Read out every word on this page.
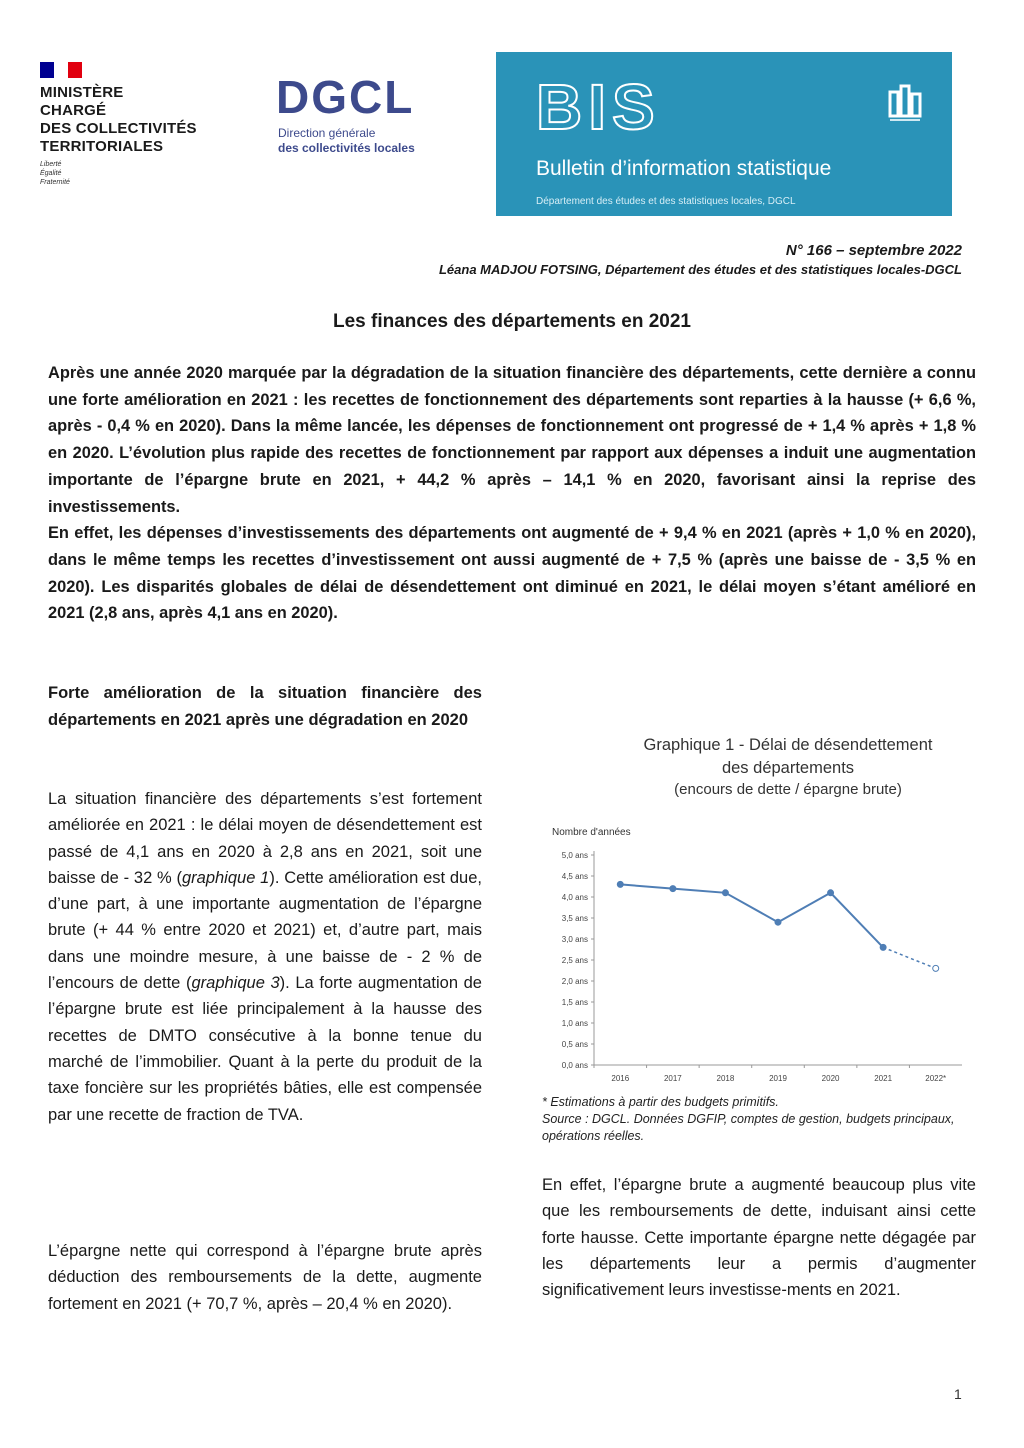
MINISTÈRE
CHARGÉ
DES COLLECTIVITÉS
TERRITORIALES
Liberté
Égalité
Fraternité
DGCL
Direction générale
des collectivités locales
BIS
Bulletin d’information statistique
Département des études et des statistiques locales, DGCL
N° 166 – septembre 2022
Léana MADJOU FOTSING, Département des études et des statistiques locales-DGCL
Les finances des départements en 2021

Après une année 2020 marquée par la dégradation de la situation financière des départements, cette dernière a connu une forte amélioration en 2021 : les recettes de fonctionnement des départements sont reparties à la hausse (+ 6,6 %, après - 0,4 % en 2020). Dans la même lancée, les dépenses de fonctionnement ont progressé de + 1,4 % après + 1,8 % en 2020. L’évolution plus rapide des recettes de fonctionnement par rapport aux dépenses a induit une augmentation importante de l’épargne brute en 2021, + 44,2 % après – 14,1 % en 2020, favorisant ainsi la reprise des investissements.

En effet, les dépenses d’investissements des départements ont augmenté de + 9,4 % en 2021 (après + 1,0 % en 2020), dans le même temps les recettes d’investissement ont aussi augmenté de + 7,5 % (après une baisse de - 3,5 % en 2020). Les disparités globales de délai de désendettement ont diminué en 2021, le délai moyen s’étant amélioré en 2021 (2,8 ans, après 4,1 ans en 2020).

Forte amélioration de la situation financière des départements en 2021 après une dégradation en 2020
La situation financière des départements s’est fortement améliorée en 2021 : le délai moyen de désendettement est passé de 4,1 ans en 2020 à 2,8 ans en 2021, soit une baisse de - 32 % (graphique 1). Cette amélioration est due, d’une part, à une importante augmentation de l’épargne brute (+ 44 % entre 2020 et 2021) et, d’autre part, mais dans une moindre mesure, à une baisse de - 2 % de l’encours de dette (graphique 3). La forte augmentation de l’épargne brute est liée principalement à la hausse des recettes de DMTO consécutive à la bonne tenue du marché de l’immobilier. Quant à la perte du produit de la taxe foncière sur les propriétés bâties, elle est compensée par une recette de fraction de TVA.
L’épargne nette qui correspond à l’épargne brute après déduction des remboursements de la dette, augmente fortement en 2021 (+ 70,7 %, après – 20,4 % en 2020).
Graphique 1 - Délai de désendettement
des départements
(encours de dette / épargne brute)
Nombre d'années
0,0 ans
0,5 ans
1,0 ans
1,5 ans
2,0 ans
2,5 ans
3,0 ans
3,5 ans
4,0 ans
4,5 ans
5,0 ans
2016	2017	2018	2019	2020	2021	2022*
* Estimations à partir des budgets primitifs.
Source : DGCL. Données DGFIP, comptes de gestion, budgets principaux, opérations réelles.
En effet, l’épargne brute a augmenté beaucoup plus vite que les remboursements de dette, induisant ainsi cette forte hausse. Cette importante épargne nette dégagée par les départements leur a permis d’augmenter significativement leurs investisse-ments en 2021.
1
